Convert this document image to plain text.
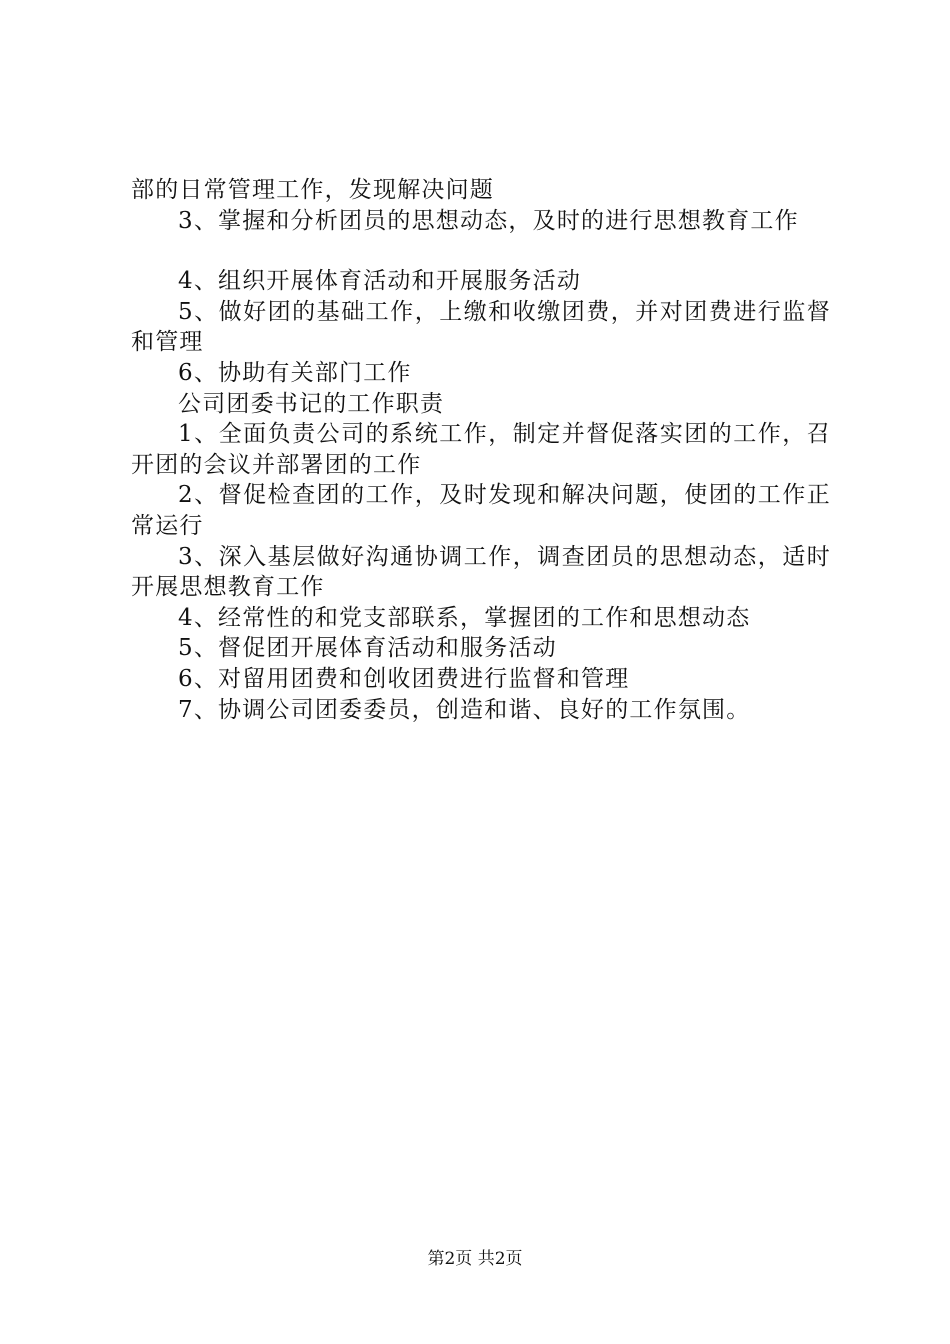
部的日常管理工作，发现解决问题

3、掌握和分析团员的思想动态，及时的进行思想教育工作

4、组织开展体育活动和开展服务活动

5、做好团的基础工作，上缴和收缴团费，并对团费进行监督和管理

6、协助有关部门工作

公司团委书记的工作职责

1、全面负责公司的系统工作，制定并督促落实团的工作，召开团的会议并部署团的工作

2、督促检查团的工作，及时发现和解决问题，使团的工作正常运行

3、深入基层做好沟通协调工作，调查团员的思想动态，适时开展思想教育工作

4、经常性的和党支部联系，掌握团的工作和思想动态

5、督促团开展体育活动和服务活动

6、对留用团费和创收团费进行监督和管理

7、协调公司团委委员，创造和谐、良好的工作氛围。

第2页 共2页
